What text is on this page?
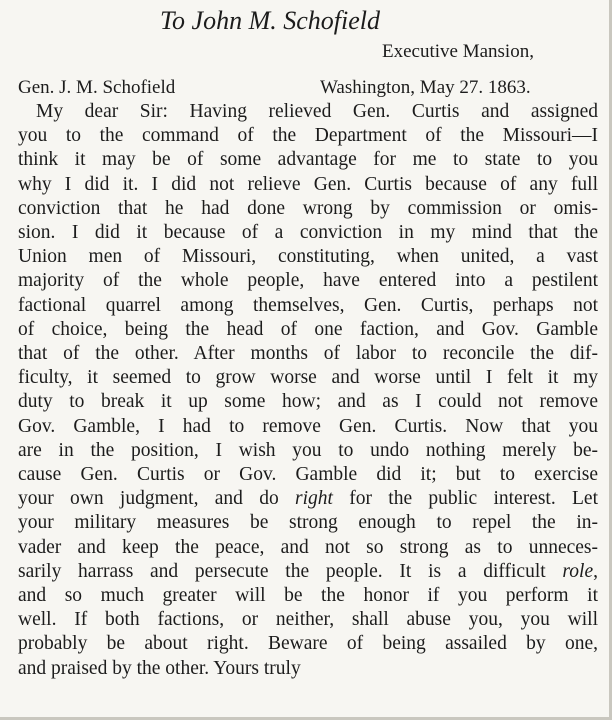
To John M. Schofield
Executive Mansion,
Gen. J. M. Schofield	Washington, May 27. 1863.
My dear Sir: Having relieved Gen. Curtis and assigned
you to the command of the Department of the Missouri—I
think it may be of some advantage for me to state to you
why I did it. I did not relieve Gen. Curtis because of any full
conviction that he had done wrong by commission or omis-
sion. I did it because of a conviction in my mind that the
Union men of Missouri, constituting, when united, a vast
majority of the whole people, have entered into a pestilent
factional quarrel among themselves, Gen. Curtis, perhaps not
of choice, being the head of one faction, and Gov. Gamble
that of the other. After months of labor to reconcile the dif-
ficulty, it seemed to grow worse and worse until I felt it my
duty to break it up some how; and as I could not remove
Gov. Gamble, I had to remove Gen. Curtis. Now that you
are in the position, I wish you to undo nothing merely be-
cause Gen. Curtis or Gov. Gamble did it; but to exercise
your own judgment, and do right for the public interest. Let
your military measures be strong enough to repel the in-
vader and keep the peace, and not so strong as to unneces-
sarily harrass and persecute the people. It is a difficult role,
and so much greater will be the honor if you perform it
well. If both factions, or neither, shall abuse you, you will
probably be about right. Beware of being assailed by one,
and praised by the other. Yours truly
